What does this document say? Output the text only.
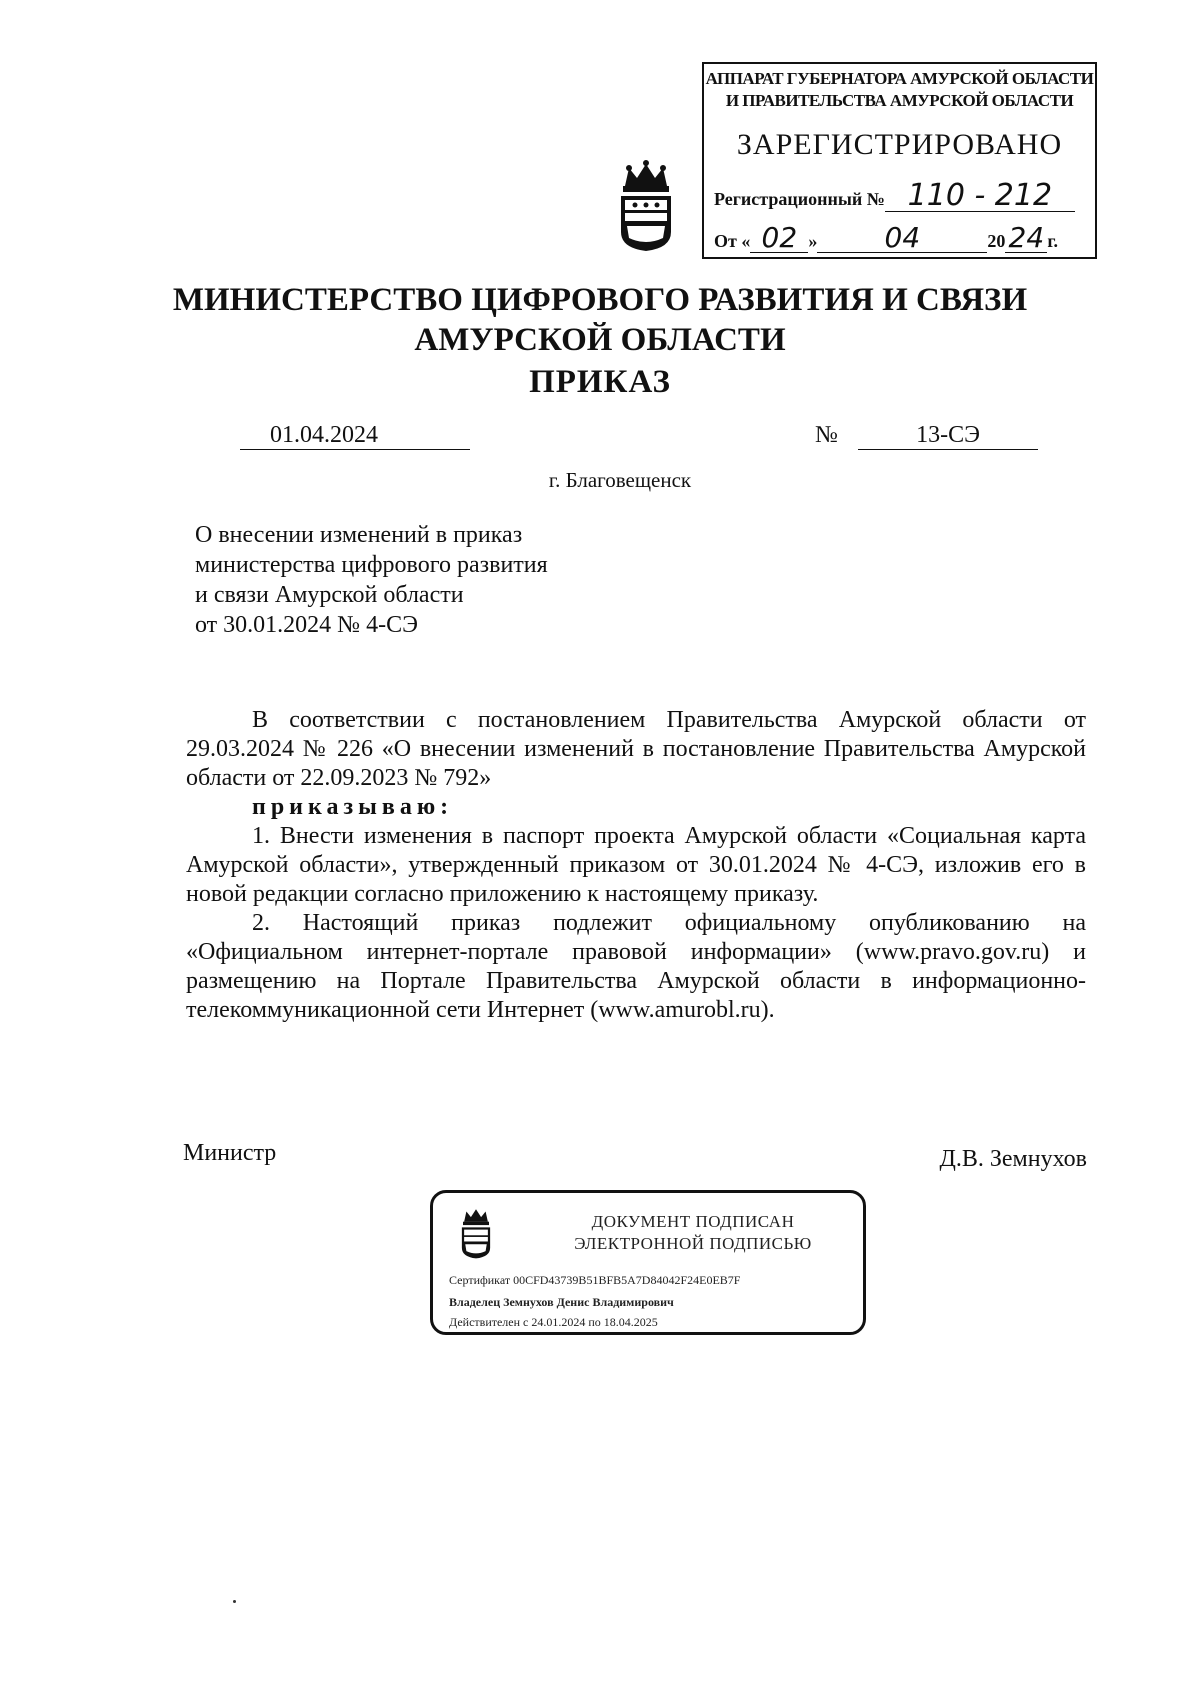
АППАРАТ ГУБЕРНАТОРА АМУРСКОЙ ОБЛАСТИ
И ПРАВИТЕЛЬСТВА АМУРСКОЙ ОБЛАСТИ
ЗАРЕГИСТРИРОВАНО
Регистрационный № 110 - 212
От « 02 » 04	20 24 г.
МИНИСТЕРСТВО ЦИФРОВОГО РАЗВИТИЯ И СВЯЗИ
АМУРСКОЙ ОБЛАСТИ
ПРИКАЗ
01.04.2024	№	13-СЭ
г. Благовещенск
О внесении изменений в приказ
министерства цифрового развития
и связи Амурской области
от 30.01.2024 № 4-СЭ
В соответствии с постановлением Правительства Амурской области от 29.03.2024 № 226 «О внесении изменений в постановление Правительства Амурской области от 22.09.2023 № 792»
приказываю:
1. Внести изменения в паспорт проекта Амурской области «Социальная карта Амурской области», утвержденный приказом от 30.01.2024 № 4-СЭ, изложив его в новой редакции согласно приложению к настоящему приказу.
2. Настоящий приказ подлежит официальному опубликованию на «Официальном интернет-портале правовой информации» (www.pravo.gov.ru) и размещению на Портале Правительства Амурской области в информационно-телекоммуникационной сети Интернет (www.amurobl.ru).
Министр	Д.В. Земнухов
ДОКУМЕНТ ПОДПИСАН
ЭЛЕКТРОННОЙ ПОДПИСЬЮ
Сертификат 00CFD43739B51BFB5A7D84042F24E0EB7F
Владелец Земнухов Денис Владимирович
Действителен с 24.01.2024 по 18.04.2025
